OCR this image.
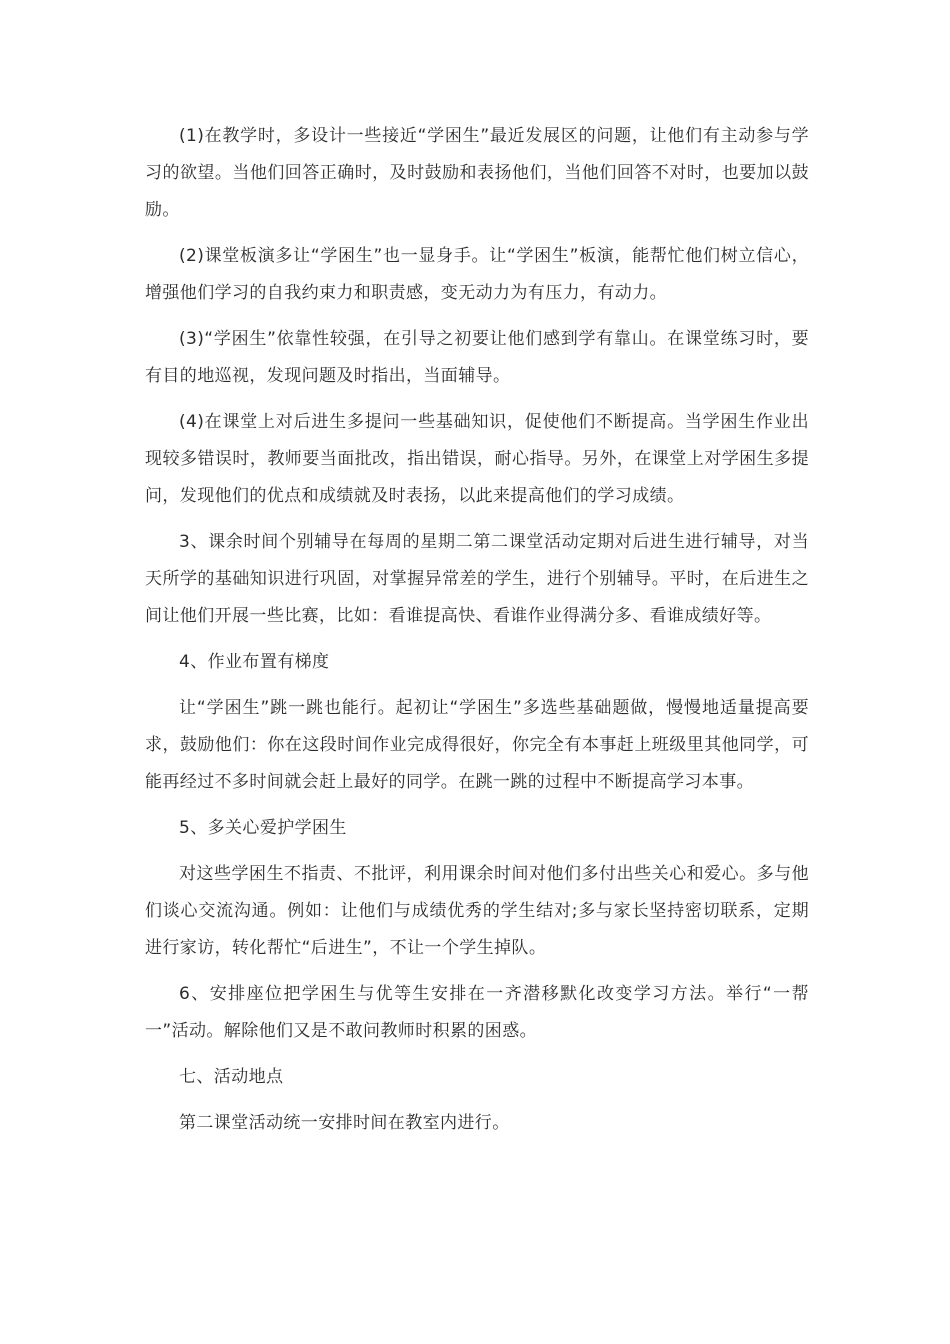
(1)在教学时，多设计一些接近“学困生”最近发展区的问题，让他们有主动参与学习的欲望。当他们回答正确时，及时鼓励和表扬他们，当他们回答不对时，也要加以鼓励。

(2)课堂板演多让“学困生”也一显身手。让“学困生”板演，能帮忙他们树立信心，增强他们学习的自我约束力和职责感，变无动力为有压力，有动力。

(3)“学困生”依靠性较强，在引导之初要让他们感到学有靠山。在课堂练习时，要有目的地巡视，发现问题及时指出，当面辅导。

(4)在课堂上对后进生多提问一些基础知识，促使他们不断提高。当学困生作业出现较多错误时，教师要当面批改，指出错误，耐心指导。另外，在课堂上对学困生多提问，发现他们的优点和成绩就及时表扬，以此来提高他们的学习成绩。

3、课余时间个别辅导在每周的星期二第二课堂活动定期对后进生进行辅导，对当天所学的基础知识进行巩固，对掌握异常差的学生，进行个别辅导。平时，在后进生之间让他们开展一些比赛，比如：看谁提高快、看谁作业得满分多、看谁成绩好等。

4、作业布置有梯度

让“学困生”跳一跳也能行。起初让“学困生”多选些基础题做，慢慢地适量提高要求，鼓励他们：你在这段时间作业完成得很好，你完全有本事赶上班级里其他同学，可能再经过不多时间就会赶上最好的同学。在跳一跳的过程中不断提高学习本事。

5、多关心爱护学困生

对这些学困生不指责、不批评，利用课余时间对他们多付出些关心和爱心。多与他们谈心交流沟通。例如：让他们与成绩优秀的学生结对;多与家长坚持密切联系，定期进行家访，转化帮忙“后进生”，不让一个学生掉队。

6、安排座位把学困生与优等生安排在一齐潜移默化改变学习方法。举行“一帮一”活动。解除他们又是不敢问教师时积累的困惑。

七、活动地点

第二课堂活动统一安排时间在教室内进行。
